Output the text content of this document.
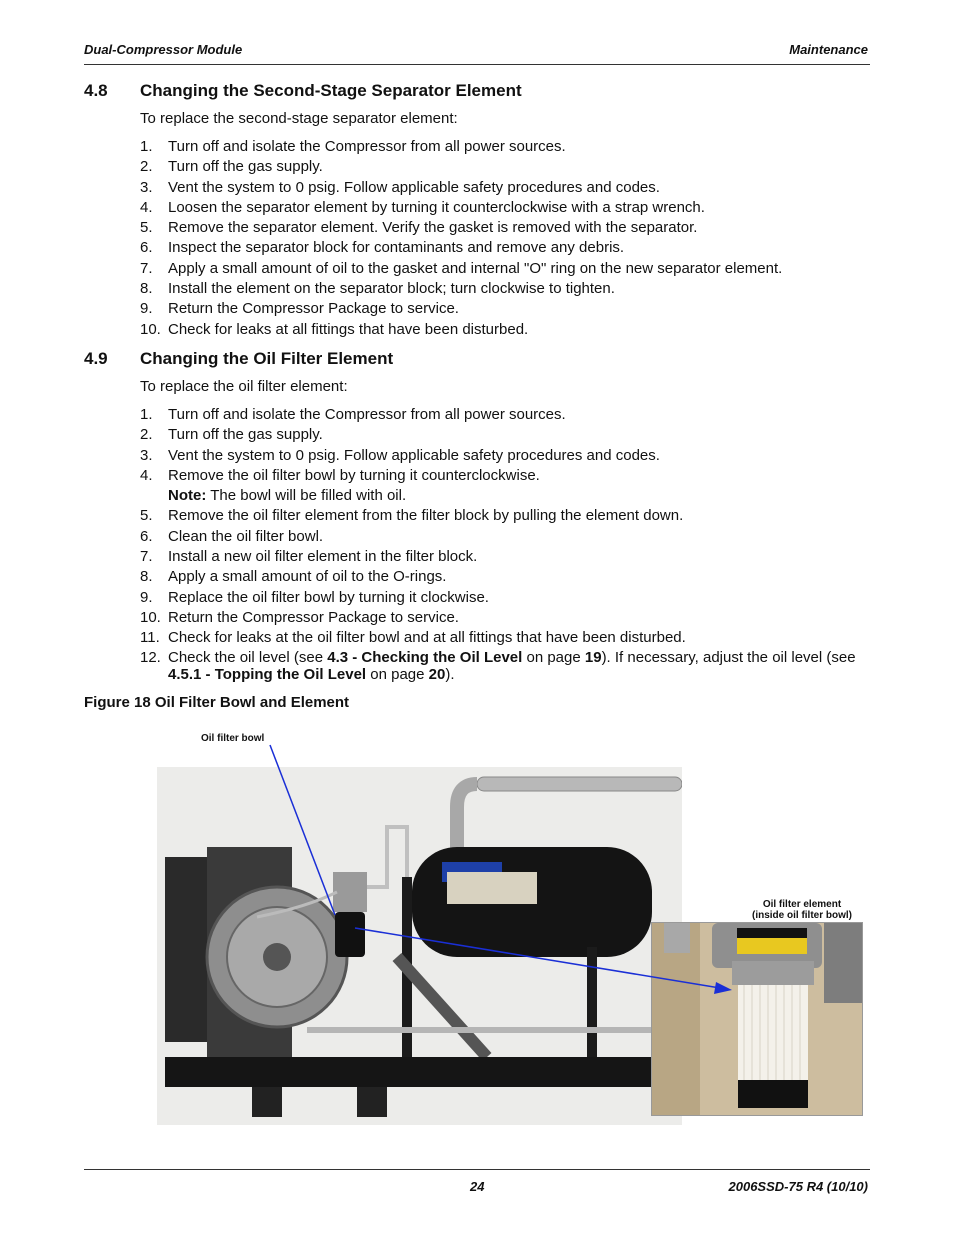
Dual-Compressor Module	Maintenance
4.8 Changing the Second-Stage Separator Element
To replace the second-stage separator element:
1. Turn off and isolate the Compressor from all power sources.
2. Turn off the gas supply.
3. Vent the system to 0 psig. Follow applicable safety procedures and codes.
4. Loosen the separator element by turning it counterclockwise with a strap wrench.
5. Remove the separator element. Verify the gasket is removed with the separator.
6. Inspect the separator block for contaminants and remove any debris.
7. Apply a small amount of oil to the gasket and internal "O" ring on the new separator element.
8. Install the element on the separator block; turn clockwise to tighten.
9. Return the Compressor Package to service.
10. Check for leaks at all fittings that have been disturbed.
4.9 Changing the Oil Filter Element
To replace the oil filter element:
1. Turn off and isolate the Compressor from all power sources.
2. Turn off the gas supply.
3. Vent the system to 0 psig. Follow applicable safety procedures and codes.
4. Remove the oil filter bowl by turning it counterclockwise.
Note: The bowl will be filled with oil.
5. Remove the oil filter element from the filter block by pulling the element down.
6. Clean the oil filter bowl.
7. Install a new oil filter element in the filter block.
8. Apply a small amount of oil to the O-rings.
9. Replace the oil filter bowl by turning it clockwise.
10. Return the Compressor Package to service.
11. Check for leaks at the oil filter bowl and at all fittings that have been disturbed.
12. Check the oil level (see 4.3 - Checking the Oil Level on page 19). If necessary, adjust the oil level (see 4.5.1 - Topping the Oil Level on page 20).
Figure 18 Oil Filter Bowl and Element
Oil filter bowl
Oil filter element
(inside oil filter bowl)
24	2006SSD-75 R4 (10/10)
